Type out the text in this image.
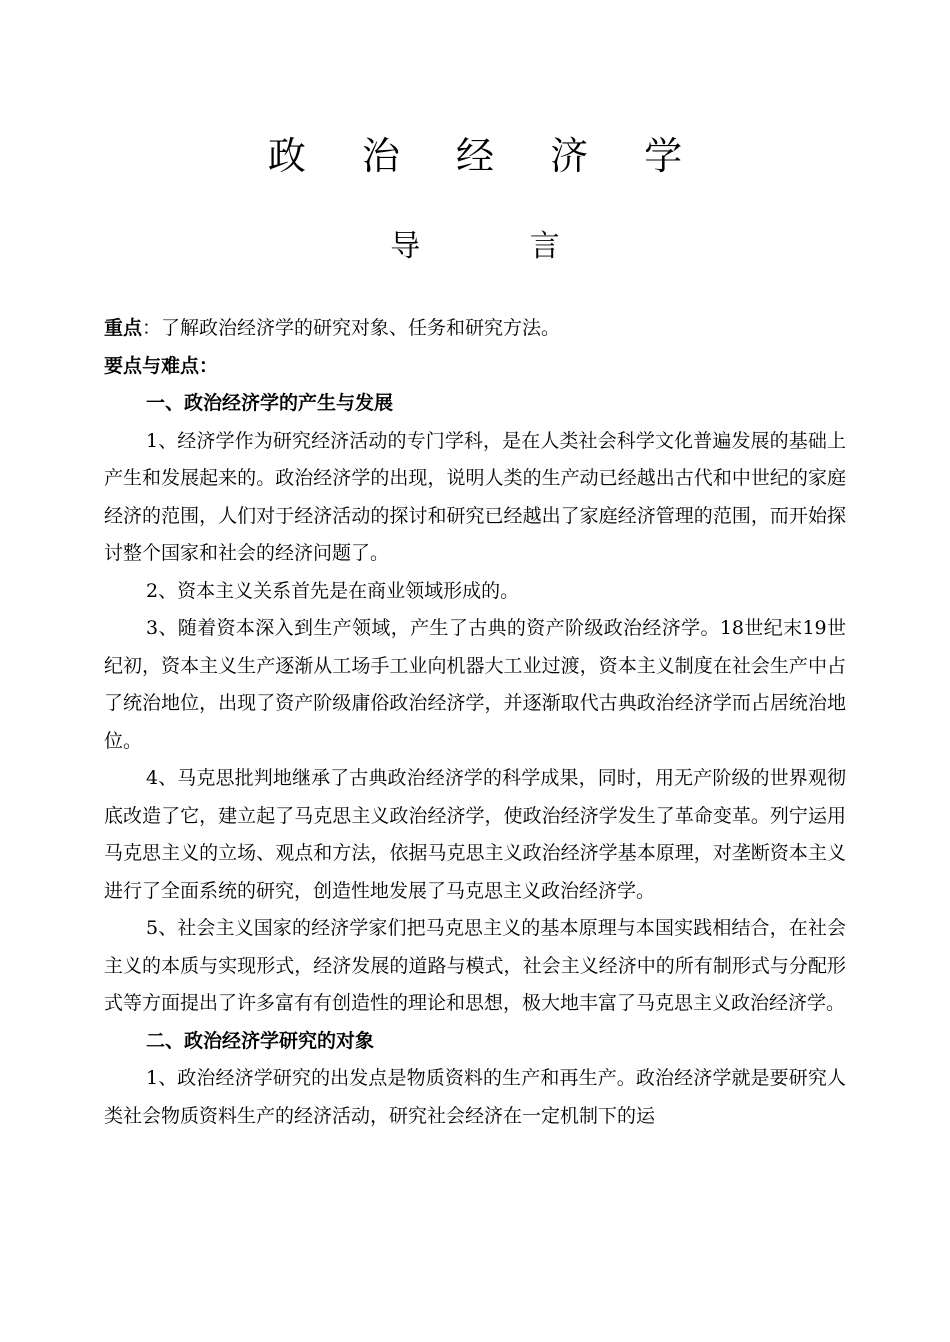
政 治 经 济 学
导 言

重点：了解政治经济学的研究对象、任务和研究方法。

要点与难点：

一、政治经济学的产生与发展

1、经济学作为研究经济活动的专门学科，是在人类社会科学文化普遍发展的基础上产生和发展起来的。政治经济学的出现，说明人类的生产动已经越出古代和中世纪的家庭经济的范围，人们对于经济活动的探讨和研究已经越出了家庭经济管理的范围，而开始探讨整个国家和社会的经济问题了。

2、资本主义关系首先是在商业领域形成的。

3、随着资本深入到生产领域，产生了古典的资产阶级政治经济学。18世纪末19世纪初，资本主义生产逐渐从工场手工业向机器大工业过渡，资本主义制度在社会生产中占了统治地位，出现了资产阶级庸俗政治经济学，并逐渐取代古典政治经济学而占居统治地位。

4、马克思批判地继承了古典政治经济学的科学成果，同时，用无产阶级的世界观彻底改造了它，建立起了马克思主义政治经济学，使政治经济学发生了革命变革。列宁运用马克思主义的立场、观点和方法，依据马克思主义政治经济学基本原理，对垄断资本主义进行了全面系统的研究，创造性地发展了马克思主义政治经济学。

5、社会主义国家的经济学家们把马克思主义的基本原理与本国实践相结合，在社会主义的本质与实现形式，经济发展的道路与模式，社会主义经济中的所有制形式与分配形式等方面提出了许多富有有创造性的理论和思想，极大地丰富了马克思主义政治经济学。

二、政治经济学研究的对象

1、政治经济学研究的出发点是物质资料的生产和再生产。政治经济学就是要研究人类社会物质资料生产的经济活动，研究社会经济在一定机制下的运
